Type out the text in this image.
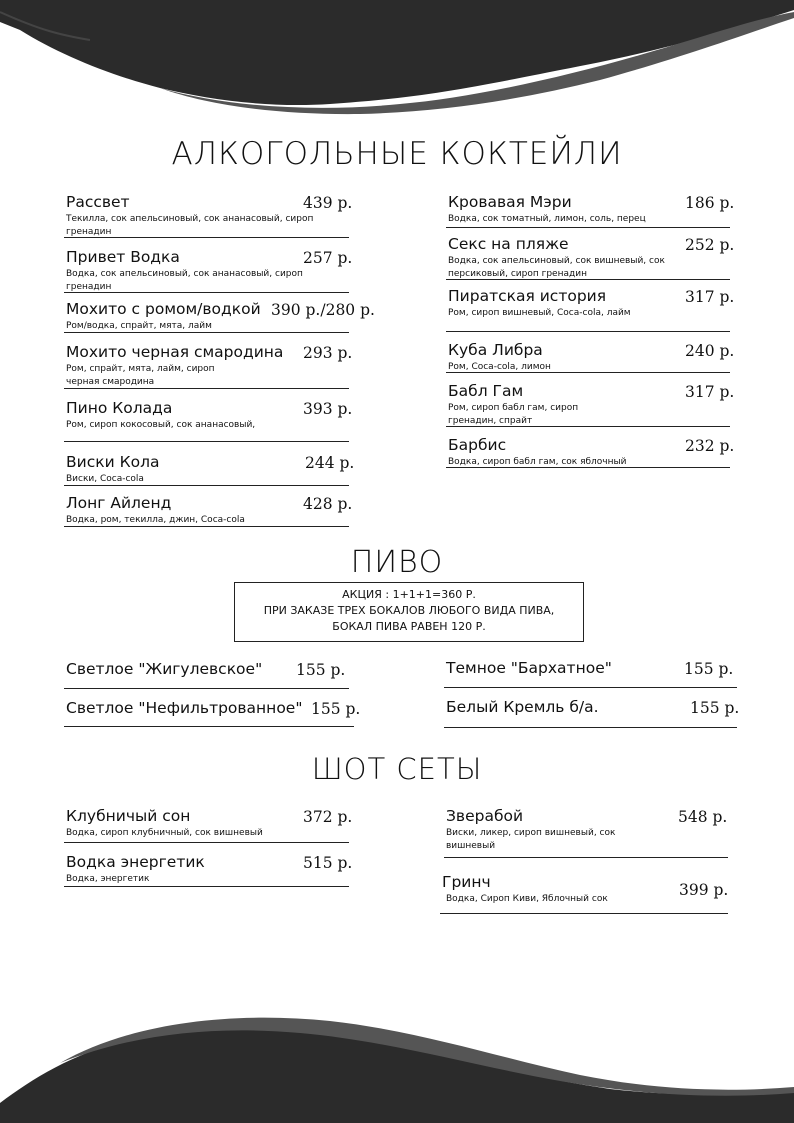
АЛКОГОЛЬНЫЕ КОКТЕЙЛИ
Рассвет	439 р.
Текилла, сок апельсиновый, сок ананасовый, сироп гренадин
Привет Водка	257 р.
Водка, сок апельсиновый, сок ананасовый, сироп гренадин
Мохито с ромом/водкой 390 р./280 р.
Ром/водка, спрайт, мята, лайм
Мохито черная смародина 293 р.
Ром, спрайт, мята, лайм, сироп черная смародина
Пино Колада	393 р.
Ром, сироп кокосовый, сок ананасовый,
Виски Кола	244 р.
Виски, Coca-cola
Лонг Айленд	428 р.
Водка, ром, текилла, джин, Coca-cola
Кровавая Мэри	186 р.
Водка, сок томатный, лимон, соль, перец
Секс на пляже	252 р.
Водка, сок апельсиновый, сок вишневый, сок персиковый, сироп гренадин
Пиратская история	317 р.
Ром, сироп вишневый, Coca-cola, лайм
Куба Либра	240 р.
Ром, Coca-cola, лимон
Бабл Гам	317 р.
Ром, сироп бабл гам, сироп гренадин, спрайт
Барбис	232 р.
Водка, сироп бабл гам, сок яблочный
ПИВО
АКЦИЯ : 1+1+1=360 Р.
ПРИ ЗАКАЗЕ ТРЕХ БОКАЛОВ ЛЮБОГО ВИДА ПИВА,
БОКАЛ ПИВА РАВЕН 120 Р.
Светлое "Жигулевское" 155 р.
Светлое "Нефильтрованное" 155 р.
Темное "Бархатное"	155 р.
Белый Кремль б/а.	155 р.
ШОТ СЕТЫ
Клубничый сон	372 р.
Водка, сироп клубничный, сок вишневый
Водка энергетик	515 р.
Водка, энергетик
Зверабой	548 р.
Виски, ликер, сироп вишневый, сок вишневый
Гринч	399 р.
Водка, Сироп Киви, Яблочный сок
